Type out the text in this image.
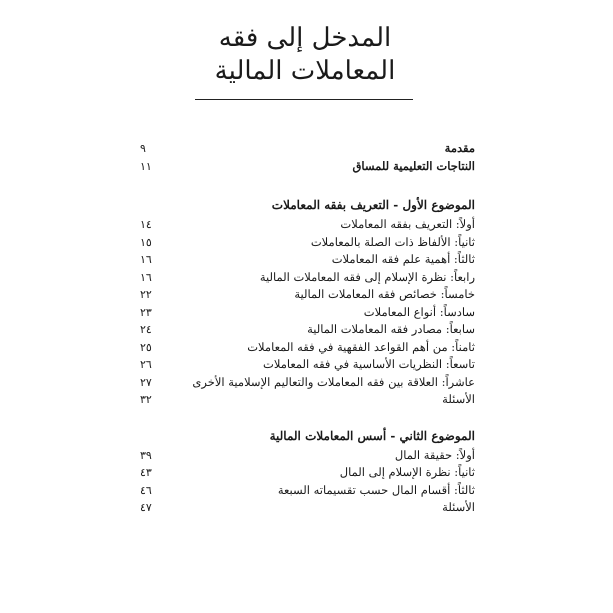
المدخل إلى فقه
المعاملات المالية
مقدمة
٩
النتاجات التعليمية للمساق
١١
الموضوع الأول - التعريف بفقه المعاملات
أولاً: التعريف بفقه المعاملات
١٤
ثانياً: الألفاظ ذات الصلة بالمعاملات
١٥
ثالثاً: أهمية علم فقه المعاملات
١٦
رابعاً: نظرة الإسلام إلى فقه المعاملات المالية
١٦
خامساً: خصائص فقه المعاملات المالية
٢٢
سادساً: أنواع المعاملات
٢٣
سابعاً: مصادر فقه المعاملات المالية
٢٤
ثامناً: من أهم القواعد الفقهية في فقه المعاملات
٢٥
تاسعاً: النظريات الأساسية في فقه المعاملات
٢٦
عاشراً: العلاقة بين فقه المعاملات والتعاليم الإسلامية الأخرى
٢٧
الأسئلة
٣٢
الموضوع الثاني - أسس المعاملات المالية
أولاً: حقيقة المال
٣٩
ثانياً: نظرة الإسلام إلى المال
٤٣
ثالثاً: أقسام المال حسب تقسيماته السبعة
٤٦
الأسئلة
٤٧
